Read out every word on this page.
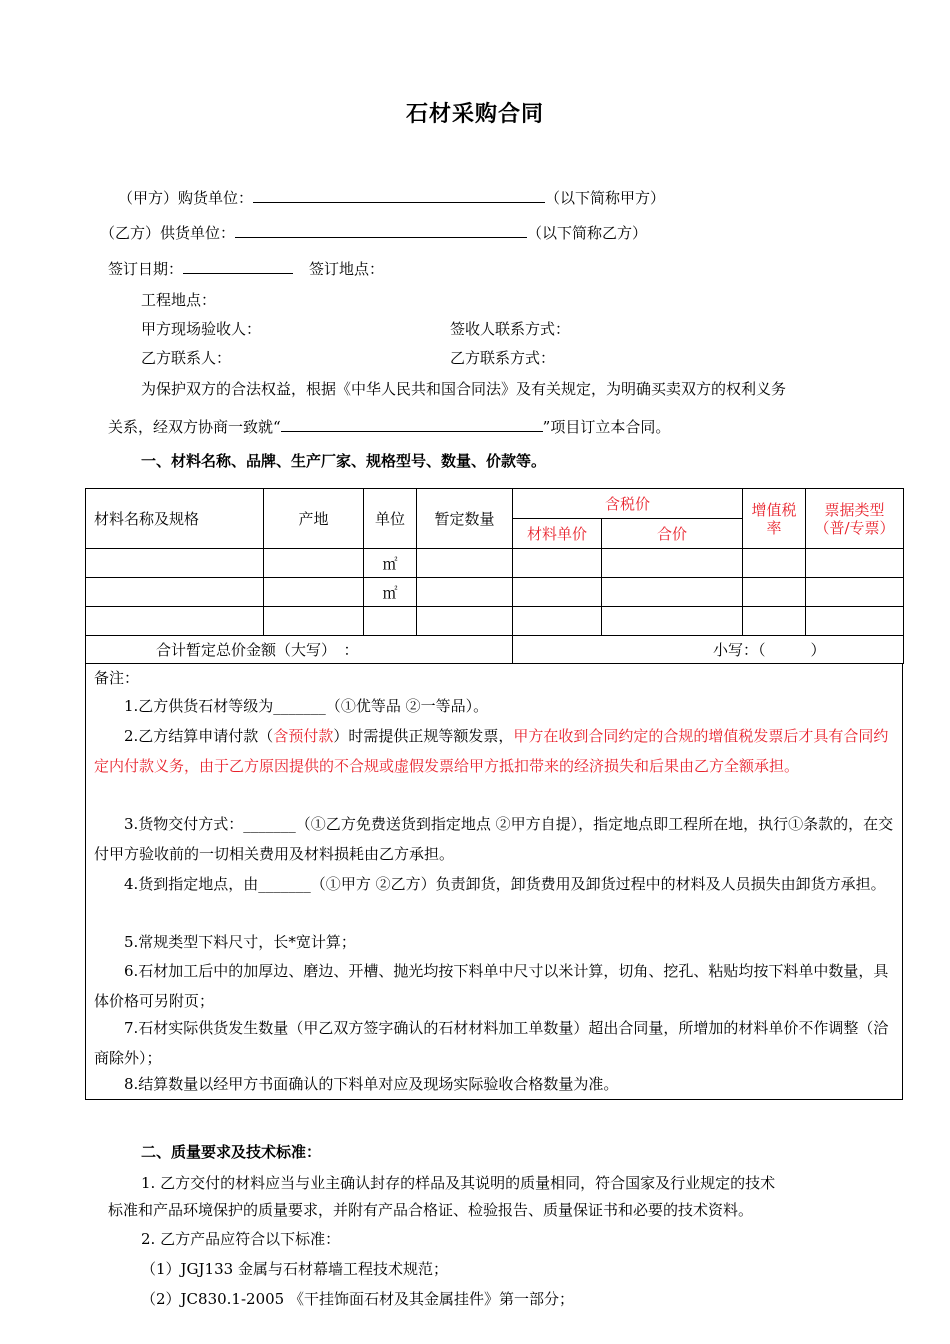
石材采购合同
（甲方）购货单位：	（以下简称甲方）
（乙方）供货单位：	（以下简称乙方）
签订日期：	签订地点：
工程地点：
甲方现场验收人：	签收人联系方式：
乙方联系人：	乙方联系方式：
为保护双方的合法权益，根据《中华人民共和国合同法》及有关规定，为明确买卖双方的权利义务
关系，经双方协商一致就“	”项目订立本合同。
一、材料名称、品牌、生产厂家、规格型号、数量、价款等。
材料名称及规格	产地	单位	暂定数量	含税价		增值税率	票据类型（普/专票）
				材料单价	合价		
		㎡					
		㎡					

合计暂定总价金额（大写）　：				小写：（　　　）			
备注：
1.乙方供货石材等级为_______（①优等品 ②一等品）。
2.乙方结算申请付款（含预付款）时需提供正规等额发票，甲方在收到合同约定的合规的增值税发票后才具有合同约定内付款义务，由于乙方原因提供的不合规或虚假发票给甲方抵扣带来的经济损失和后果由乙方全额承担。
3.货物交付方式：_______（①乙方免费送货到指定地点 ②甲方自提），指定地点即工程所在地，执行①条款的，在交付甲方验收前的一切相关费用及材料损耗由乙方承担。
4.货到指定地点，由_______（①甲方 ②乙方）负责卸货，卸货费用及卸货过程中的材料及人员损失由卸货方承担。
5.常规类型下料尺寸，长*宽计算；
6.石材加工后中的加厚边、磨边、开槽、抛光均按下料单中尺寸以米计算，切角、挖孔、粘贴均按下料单中数量，具体价格可另附页；
7.石材实际供货发生数量（甲乙双方签字确认的石材材料加工单数量）超出合同量，所增加的材料单价不作调整（洽商除外）；
8.结算数量以经甲方书面确认的下料单对应及现场实际验收合格数量为准。
二、质量要求及技术标准：
1. 乙方交付的材料应当与业主确认封存的样品及其说明的质量相同，符合国家及行业规定的技术
标准和产品环境保护的质量要求，并附有产品合格证、检验报告、质量保证书和必要的技术资料。
2. 乙方产品应符合以下标准：
（1）JGJ133 金属与石材幕墙工程技术规范；
（2）JC830.1-2005 《干挂饰面石材及其金属挂件》第一部分；
